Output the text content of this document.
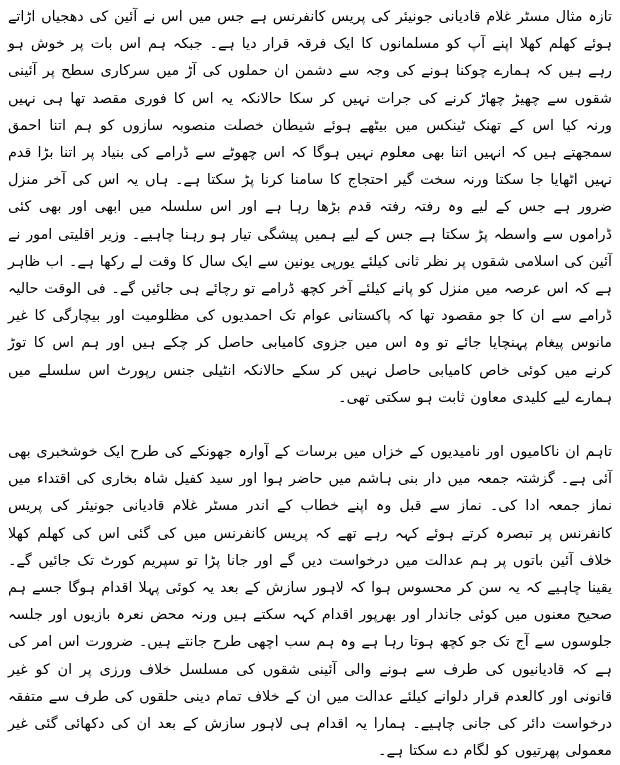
تازہ مثال مسٹر غلام قادیانی جونیئر کی پریس کانفرنس ہے جس میں اس نے آئین کی دھجیاں اڑاتے ہوئے کھلم کھلا اپنے آپ کو مسلمانوں کا ایک فرقہ قرار دیا ہے۔ جبکہ ہم اس بات پر خوش ہو رہے ہیں کہ ہمارے چوکنا ہونے کی وجہ سے دشمن ان حملوں کی آڑ میں سرکاری سطح پر آئینی شقوں سے چھیڑ چھاڑ کرنے کی جرات نہیں کر سکا حالانکہ یہ اس کا فوری مقصد تھا ہی نہیں ورنہ کیا اس کے تھنک ٹینکس میں بیٹھے ہوئے شیطان خصلت منصوبہ سازوں کو ہم اتنا احمق سمجھتے ہیں کہ انہیں اتنا بھی معلوم نہیں ہوگا کہ اس چھوٹے سے ڈرامے کی بنیاد پر اتنا بڑا قدم نہیں اٹھایا جا سکتا ورنہ سخت گیر احتجاج کا سامنا کرنا پڑ سکتا ہے۔ ہاں یہ اس کی آخر منزل ضرور ہے جس کے لیے وہ رفتہ رفتہ قدم بڑھا رہا ہے اور اس سلسلہ میں ابھی اور بھی کئی ڈراموں سے واسطہ پڑ سکتا ہے جس کے لیے ہمیں پیشگی تیار ہو رہنا چاہیے۔ وزیر اقلیتی امور نے آئین کی اسلامی شقوں پر نظر ثانی کیلئے یورپی یونین سے ایک سال کا وقت لے رکھا ہے۔ اب ظاہر ہے کہ اس عرصہ میں منزل کو پانے کیلئے آخر کچھ ڈرامے تو رچائے ہی جائیں گے۔ فی الوقت حالیہ ڈرامے سے ان کا جو مقصود تھا کہ پاکستانی عوام تک احمدیوں کی مظلومیت اور بیچارگی کا غیر مانوس پیغام پہنچایا جائے تو وہ اس میں جزوی کامیابی حاصل کر چکے ہیں اور ہم اس کا توڑ کرنے میں کوئی خاص کامیابی حاصل نہیں کر سکے حالانکہ انٹیلی جنس رپورٹ اس سلسلے میں ہمارے لیے کلیدی معاون ثابت ہو سکتی تھی۔

تاہم ان ناکامیوں اور نامیدیوں کے خزاں میں برسات کے آوارہ جھونکے کی طرح ایک خوشخبری بھی آئی ہے۔ گزشتہ جمعہ میں دار بنی ہاشم میں حاضر ہوا اور سید کفیل شاہ بخاری کی اقتداء میں نماز جمعہ ادا کی۔ نماز سے قبل وہ اپنے خطاب کے اندر مسٹر غلام قادیانی جونیئر کی پریس کانفرنس پر تبصرہ کرتے ہوئے کہہ رہے تھے کہ پریس کانفرنس میں کی گئی اس کی کھلم کھلا خلاف آئین باتوں پر ہم عدالت میں درخواست دیں گے اور جانا پڑا تو سپریم کورٹ تک جائیں گے۔ یقینا چاہیے کہ یہ سن کر محسوس ہوا کہ لاہور سازش کے بعد یہ کوئی پہلا اقدام ہوگا جسے ہم صحیح معنوں میں کوئی جاندار اور بھرپور اقدام کہہ سکتے ہیں ورنہ محض نعرہ بازیوں اور جلسہ جلوسوں سے آج تک جو کچھ ہوتا رہا ہے وہ ہم سب اچھی طرح جانتے ہیں۔ ضرورت اس امر کی ہے کہ قادیانیوں کی طرف سے ہونے والی آئینی شقوں کی مسلسل خلاف ورزی پر ان کو غیر قانونی اور کالعدم قرار دلوانے کیلئے عدالت میں ان کے خلاف تمام دینی حلقوں کی طرف سے متفقہ درخواست دائر کی جانی چاہیے۔ ہمارا یہ اقدام ہی لاہور سازش کے بعد ان کی دکھائی گئی غیر معمولی پھرتیوں کو لگام دے سکتا ہے۔
